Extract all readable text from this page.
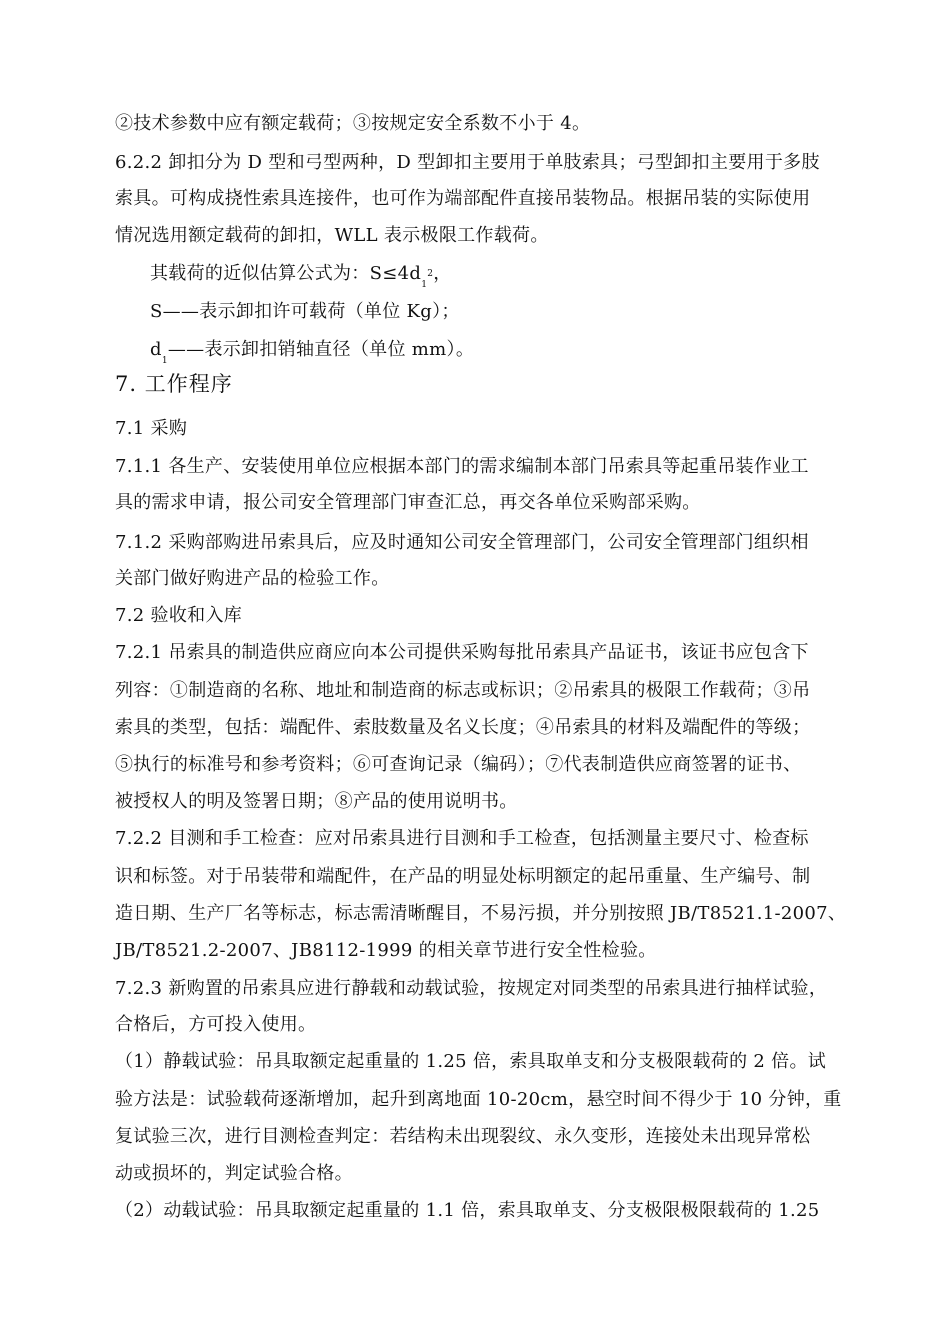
②技术参数中应有额定载荷；③按规定安全系数不小于 4。
6.2.2 卸扣分为 D 型和弓型两种，D 型卸扣主要用于单肢索具；弓型卸扣主要用于多肢
索具。可构成挠性索具连接件，也可作为端部配件直接吊装物品。根据吊装的实际使用
情况选用额定载荷的卸扣，WLL 表示极限工作载荷。
其载荷的近似估算公式为：$S\le 4d_12$，
S——表示卸扣许可载荷（单位 Kg）；
$d_1——$表示卸扣销轴直径（单位 mm）。
7. 工作程序
7.1 采购
7.1.1 各生产、安装使用单位应根据本部门的需求编制本部门吊索具等起重吊装作业工
具的需求申请，报公司安全管理部门审查汇总，再交各单位采购部采购。
7.1.2 采购部购进吊索具后，应及时通知公司安全管理部门，公司安全管理部门组织相
关部门做好购进产品的检验工作。
7.2 验收和入库
7.2.1 吊索具的制造供应商应向本公司提供采购每批吊索具产品证书，该证书应包含下
列容：①制造商的名称、地址和制造商的标志或标识；②吊索具的极限工作载荷；③吊
索具的类型，包括：端配件、索肢数量及名义长度；④吊索具的材料及端配件的等级；
⑤执行的标准号和参考资料；⑥可查询记录（编码）；⑦代表制造供应商签署的证书、
被授权人的明及签署日期；⑧产品的使用说明书。
7.2.2 目测和手工检查：应对吊索具进行目测和手工检查，包括测量主要尺寸、检查标
识和标签。对于吊装带和端配件，在产品的明显处标明额定的起吊重量、生产编号、制
造日期、生产厂名等标志，标志需清晰醒目，不易污损，并分别按照 JB/T8521.1-2007、
JB/T8521.2-2007、JB8112-1999 的相关章节进行安全性检验。
7.2.3 新购置的吊索具应进行静载和动载试验，按规定对同类型的吊索具进行抽样试验，
合格后，方可投入使用。
（1）静载试验：吊具取额定起重量的 1.25 倍，索具取单支和分支极限载荷的 2 倍。试
验方法是：试验载荷逐渐增加，起升到离地面 10-20cm，悬空时间不得少于 10 分钟，重
复试验三次，进行目测检查判定：若结构未出现裂纹、永久变形，连接处未出现异常松
动或损坏的，判定试验合格。
（2）动载试验：吊具取额定起重量的 1.1 倍，索具取单支、分支极限极限载荷的 1.25
